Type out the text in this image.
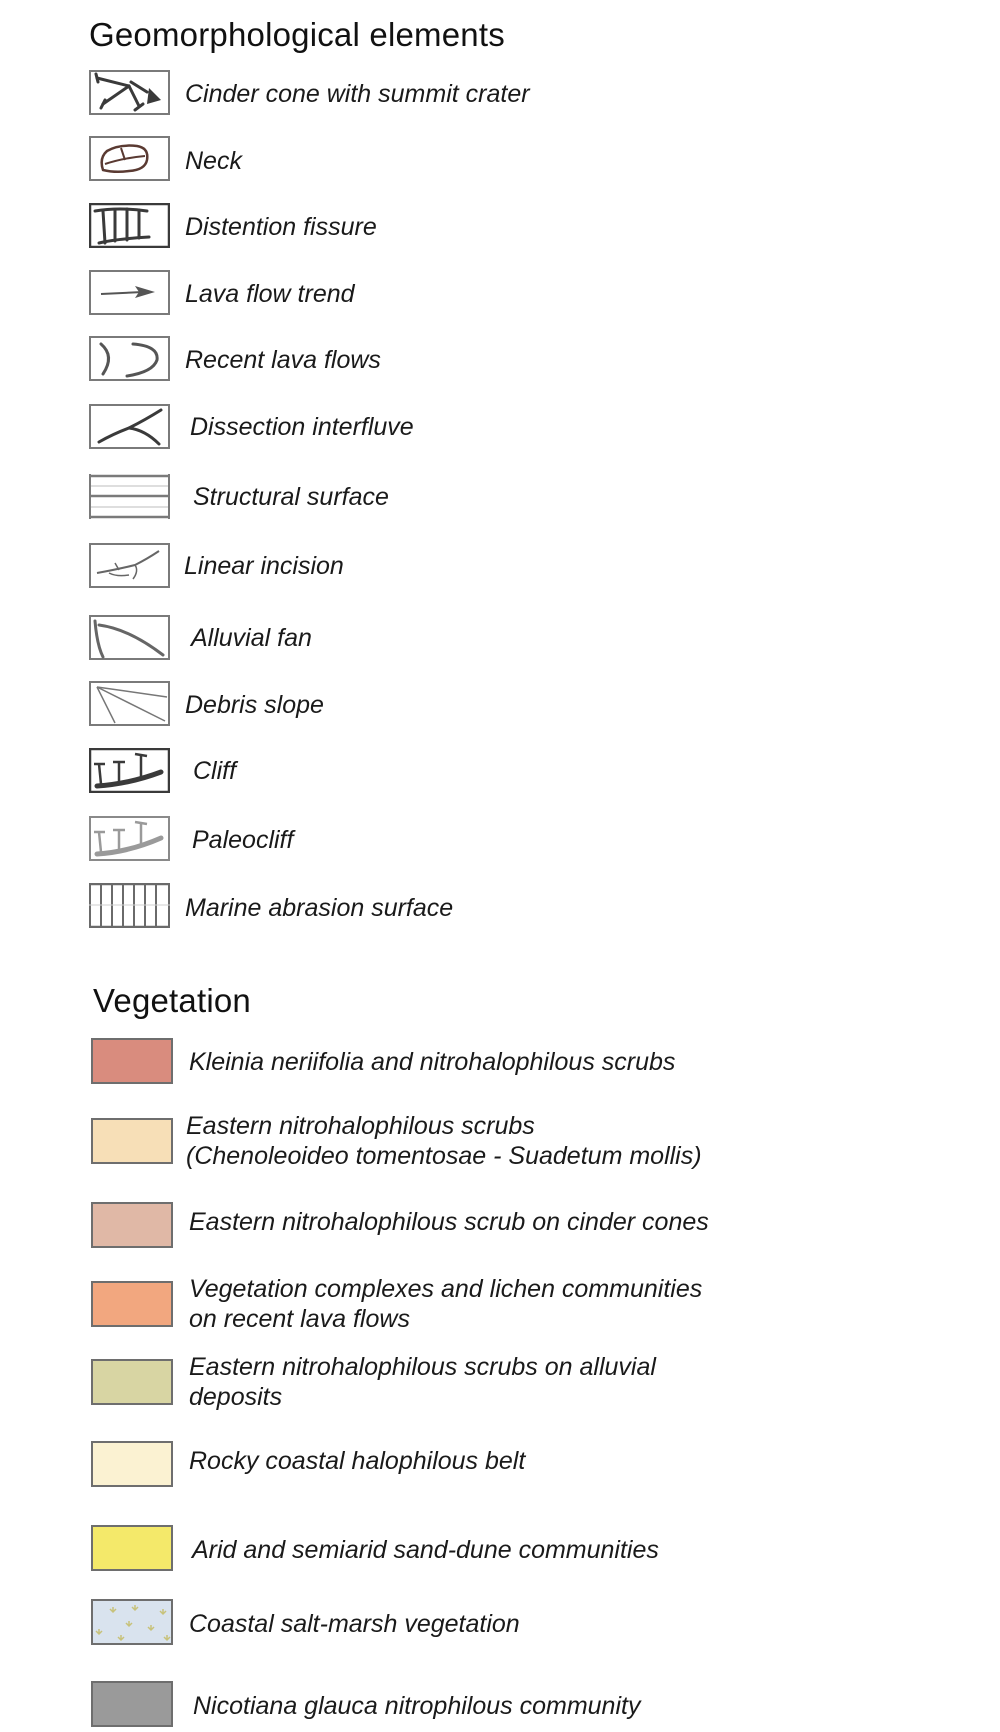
Geomorphological elements
Cinder cone with summit crater
Neck
Distention fissure
Lava flow trend
Recent lava flows
Dissection interfluve
Structural surface
Linear incision
Alluvial fan
Debris slope
Cliff
Paleocliff
Marine abrasion surface
Vegetation
Kleinia neriifolia and nitrohalophilous scrubs
Eastern nitrohalophilous scrubs
(Chenoleoideo tomentosae - Suadetum mollis)
Eastern nitrohalophilous scrub on cinder cones
Vegetation complexes and lichen communities
on recent lava flows
Eastern nitrohalophilous scrubs on alluvial
deposits
Rocky coastal halophilous belt
Arid and semiarid sand-dune communities
Coastal salt-marsh vegetation
Nicotiana glauca nitrophilous community
